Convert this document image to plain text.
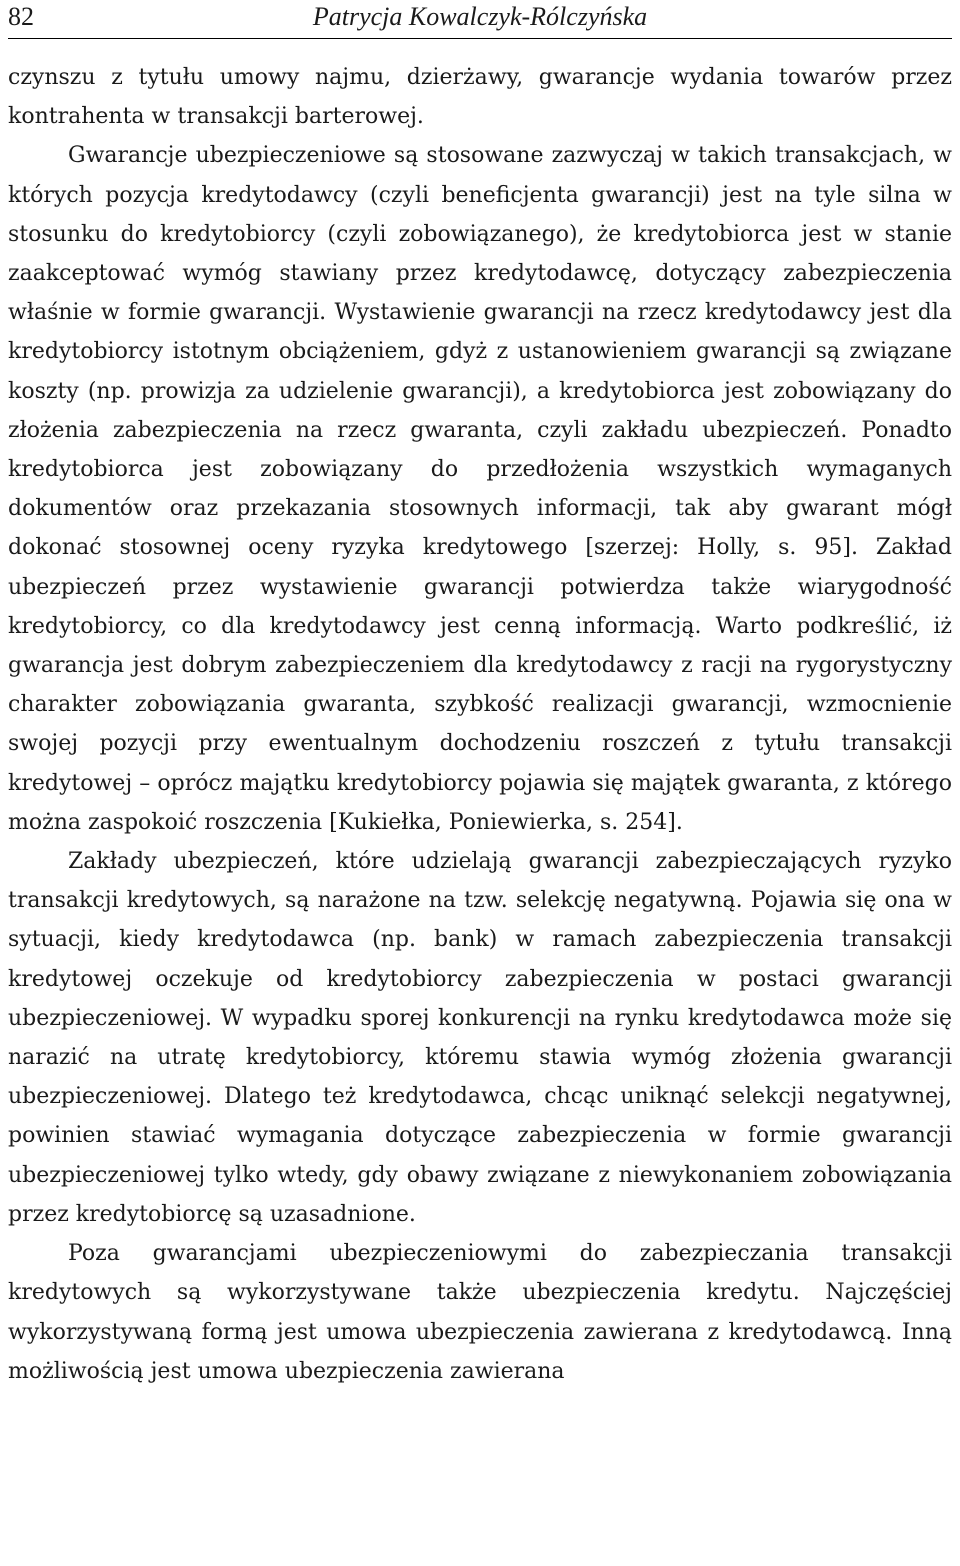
82	Patrycja Kowalczyk-Rólczyńska

czynszu z tytułu umowy najmu, dzierżawy, gwarancje wydania towarów przez kontrahenta w transakcji barterowej.

Gwarancje ubezpieczeniowe są stosowane zazwyczaj w takich transakcjach, w których pozycja kredytodawcy (czyli beneficjenta gwarancji) jest na tyle silna w stosunku do kredytobiorcy (czyli zobowiązanego), że kredytobiorca jest w stanie zaakceptować wymóg stawiany przez kredytodawcę, dotyczący zabezpieczenia właśnie w formie gwarancji. Wystawienie gwarancji na rzecz kredytodawcy jest dla kredytobiorcy istotnym obciążeniem, gdyż z ustanowieniem gwarancji są związane koszty (np. prowizja za udzielenie gwarancji), a kredytobiorca jest zobowiązany do złożenia zabezpieczenia na rzecz gwaranta, czyli zakładu ubezpieczeń. Ponadto kredytobiorca jest zobowiązany do przedłożenia wszystkich wymaganych dokumentów oraz przekazania stosownych informacji, tak aby gwarant mógł dokonać stosownej oceny ryzyka kredytowego [szerzej: Holly, s. 95]. Zakład ubezpieczeń przez wystawienie gwarancji potwierdza także wiarygodność kredytobiorcy, co dla kredytodawcy jest cenną informacją. Warto podkreślić, iż gwarancja jest dobrym zabezpieczeniem dla kredytodawcy z racji na rygorystyczny charakter zobowiązania gwaranta, szybkość realizacji gwarancji, wzmocnienie swojej pozycji przy ewentualnym dochodzeniu roszczeń z tytułu transakcji kredytowej – oprócz majątku kredytobiorcy pojawia się majątek gwaranta, z którego można zaspokoić roszczenia [Kukiełka, Poniewierka, s. 254].

Zakłady ubezpieczeń, które udzielają gwarancji zabezpieczających ryzyko transakcji kredytowych, są narażone na tzw. selekcję negatywną. Pojawia się ona w sytuacji, kiedy kredytodawca (np. bank) w ramach zabezpieczenia transakcji kredytowej oczekuje od kredytobiorcy zabezpieczenia w postaci gwarancji ubezpieczeniowej. W wypadku sporej konkurencji na rynku kredytodawca może się narazić na utratę kredytobiorcy, któremu stawia wymóg złożenia gwarancji ubezpieczeniowej. Dlatego też kredytodawca, chcąc uniknąć selekcji negatywnej, powinien stawiać wymagania dotyczące zabezpieczenia w formie gwarancji ubezpieczeniowej tylko wtedy, gdy obawy związane z niewykonaniem zobowiązania przez kredytobiorcę są uzasadnione.

Poza gwarancjami ubezpieczeniowymi do zabezpieczania transakcji kredytowych są wykorzystywane także ubezpieczenia kredytu. Najczęściej wykorzystywaną formą jest umowa ubezpieczenia zawierana z kredytodawcą. Inną możliwością jest umowa ubezpieczenia zawierana
